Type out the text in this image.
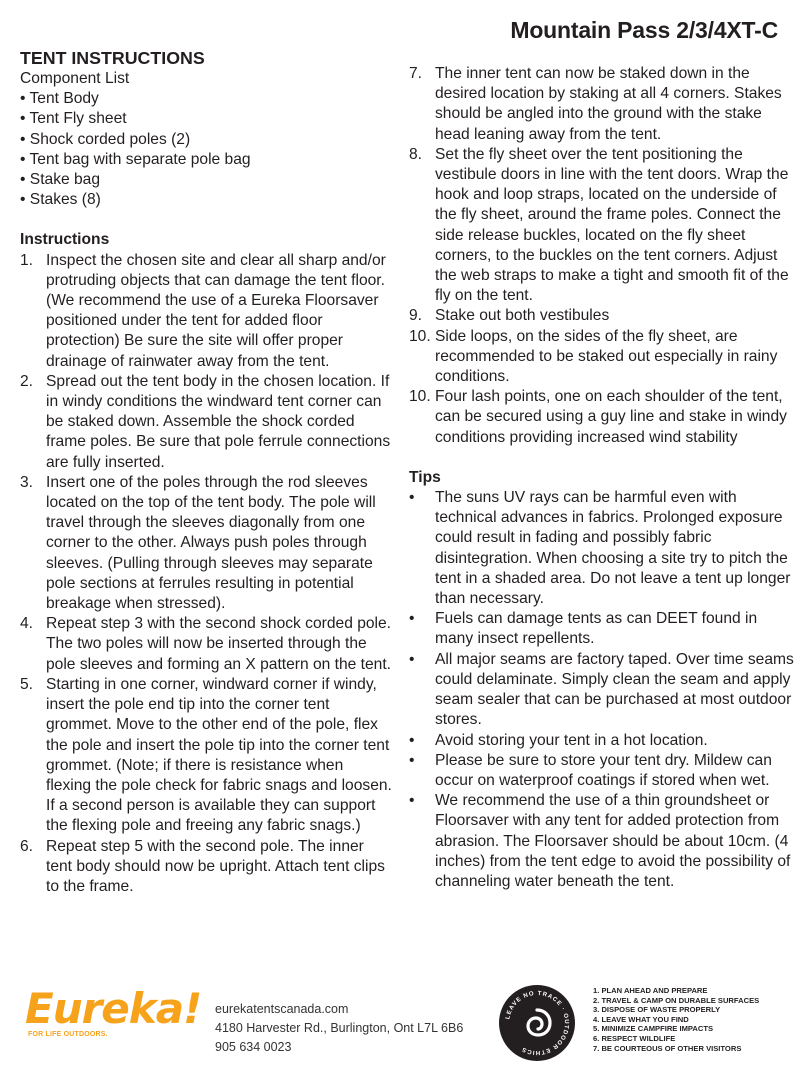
Mountain Pass 2/3/4XT-C

TENT INSTRUCTIONS

Component List

• Tent Body

• Tent Fly sheet

• Shock corded poles (2)

• Tent bag with separate pole bag

• Stake bag

• Stakes (8)

Instructions

1. Inspect the chosen site and clear all sharp and/or protruding objects that can damage the tent floor. (We recommend the use of a Eureka Floorsaver positioned under the tent for added floor protection) Be sure the site will offer proper drainage of rainwater away from the tent.
2. Spread out the tent body in the chosen location. If in windy conditions the windward tent corner can be staked down. Assemble the shock corded frame poles. Be sure that pole ferrule connections are fully inserted.
3. Insert one of the poles through the rod sleeves located on the top of the tent body. The pole will travel through the sleeves diagonally from one corner to the other. Always push poles through sleeves. (Pulling through sleeves may separate pole sections at ferrules resulting in potential breakage when stressed).
4. Repeat step 3 with the second shock corded pole. The two poles will now be inserted through the pole sleeves and forming an X pattern on the tent.
5. Starting in one corner, windward corner if windy, insert the pole end tip into the corner tent grommet. Move to the other end of the pole, flex the pole and insert the pole tip into the corner tent grommet. (Note; if there is resistance when flexing the pole check for fabric snags and loosen. If a second person is available they can support the flexing pole and freeing any fabric snags.)
6. Repeat step 5 with the second pole. The inner tent body should now be upright. Attach tent clips to the frame.
7. The inner tent can now be staked down in the desired location by staking at all 4 corners. Stakes should be angled into the ground with the stake head leaning away from the tent.
8. Set the fly sheet over the tent positioning the vestibule doors in line with the tent doors. Wrap the hook and loop straps, located on the underside of the fly sheet, around the frame poles. Connect the side release buckles, located on the fly sheet corners, to the buckles on the tent corners. Adjust the web straps to make a tight and smooth fit of the fly on the tent.
9. Stake out both vestibules
10. Side loops, on the sides of the fly sheet, are recommended to be staked out especially in rainy conditions.
10. Four lash points, one on each shoulder of the tent, can be secured using a guy line and stake in windy conditions providing increased wind stability

Tips

•	The suns UV rays can be harmful even with technical advances in fabrics. Prolonged exposure could result in fading and possibly fabric disintegration. When choosing a site try to pitch the tent in a shaded area. Do not leave a tent up longer than necessary.
•	Fuels can damage tents as can DEET found in many insect repellents.
•	All major seams are factory taped. Over time seams could delaminate. Simply clean the seam and apply seam sealer that can be purchased at most outdoor stores.
•	Avoid storing your tent in a hot location.
•	Please be sure to store your tent dry. Mildew can occur on waterproof coatings if stored when wet.
•	We recommend the use of a thin groundsheet or Floorsaver with any tent for added protection from abrasion. The Floorsaver should be about 10cm. (4 inches) from the tent edge to avoid the possibility of channeling water beneath the tent.
Eureka!
FOR LIFE OUTDOORS.
eurekatentscanada.com
4180 Harvester Rd., Burlington, Ont L7L 6B6
905 634 0023
LEAVE NO TRACE · OUTDOOR ETHICS
1. PLAN AHEAD AND PREPARE
2. TRAVEL & CAMP ON DURABLE SURFACES
3. DISPOSE OF WASTE PROPERLY
4. LEAVE WHAT YOU FIND
5. MINIMIZE CAMPFIRE IMPACTS
6. RESPECT WILDLIFE
7. BE COURTEOUS OF OTHER VISITORS
